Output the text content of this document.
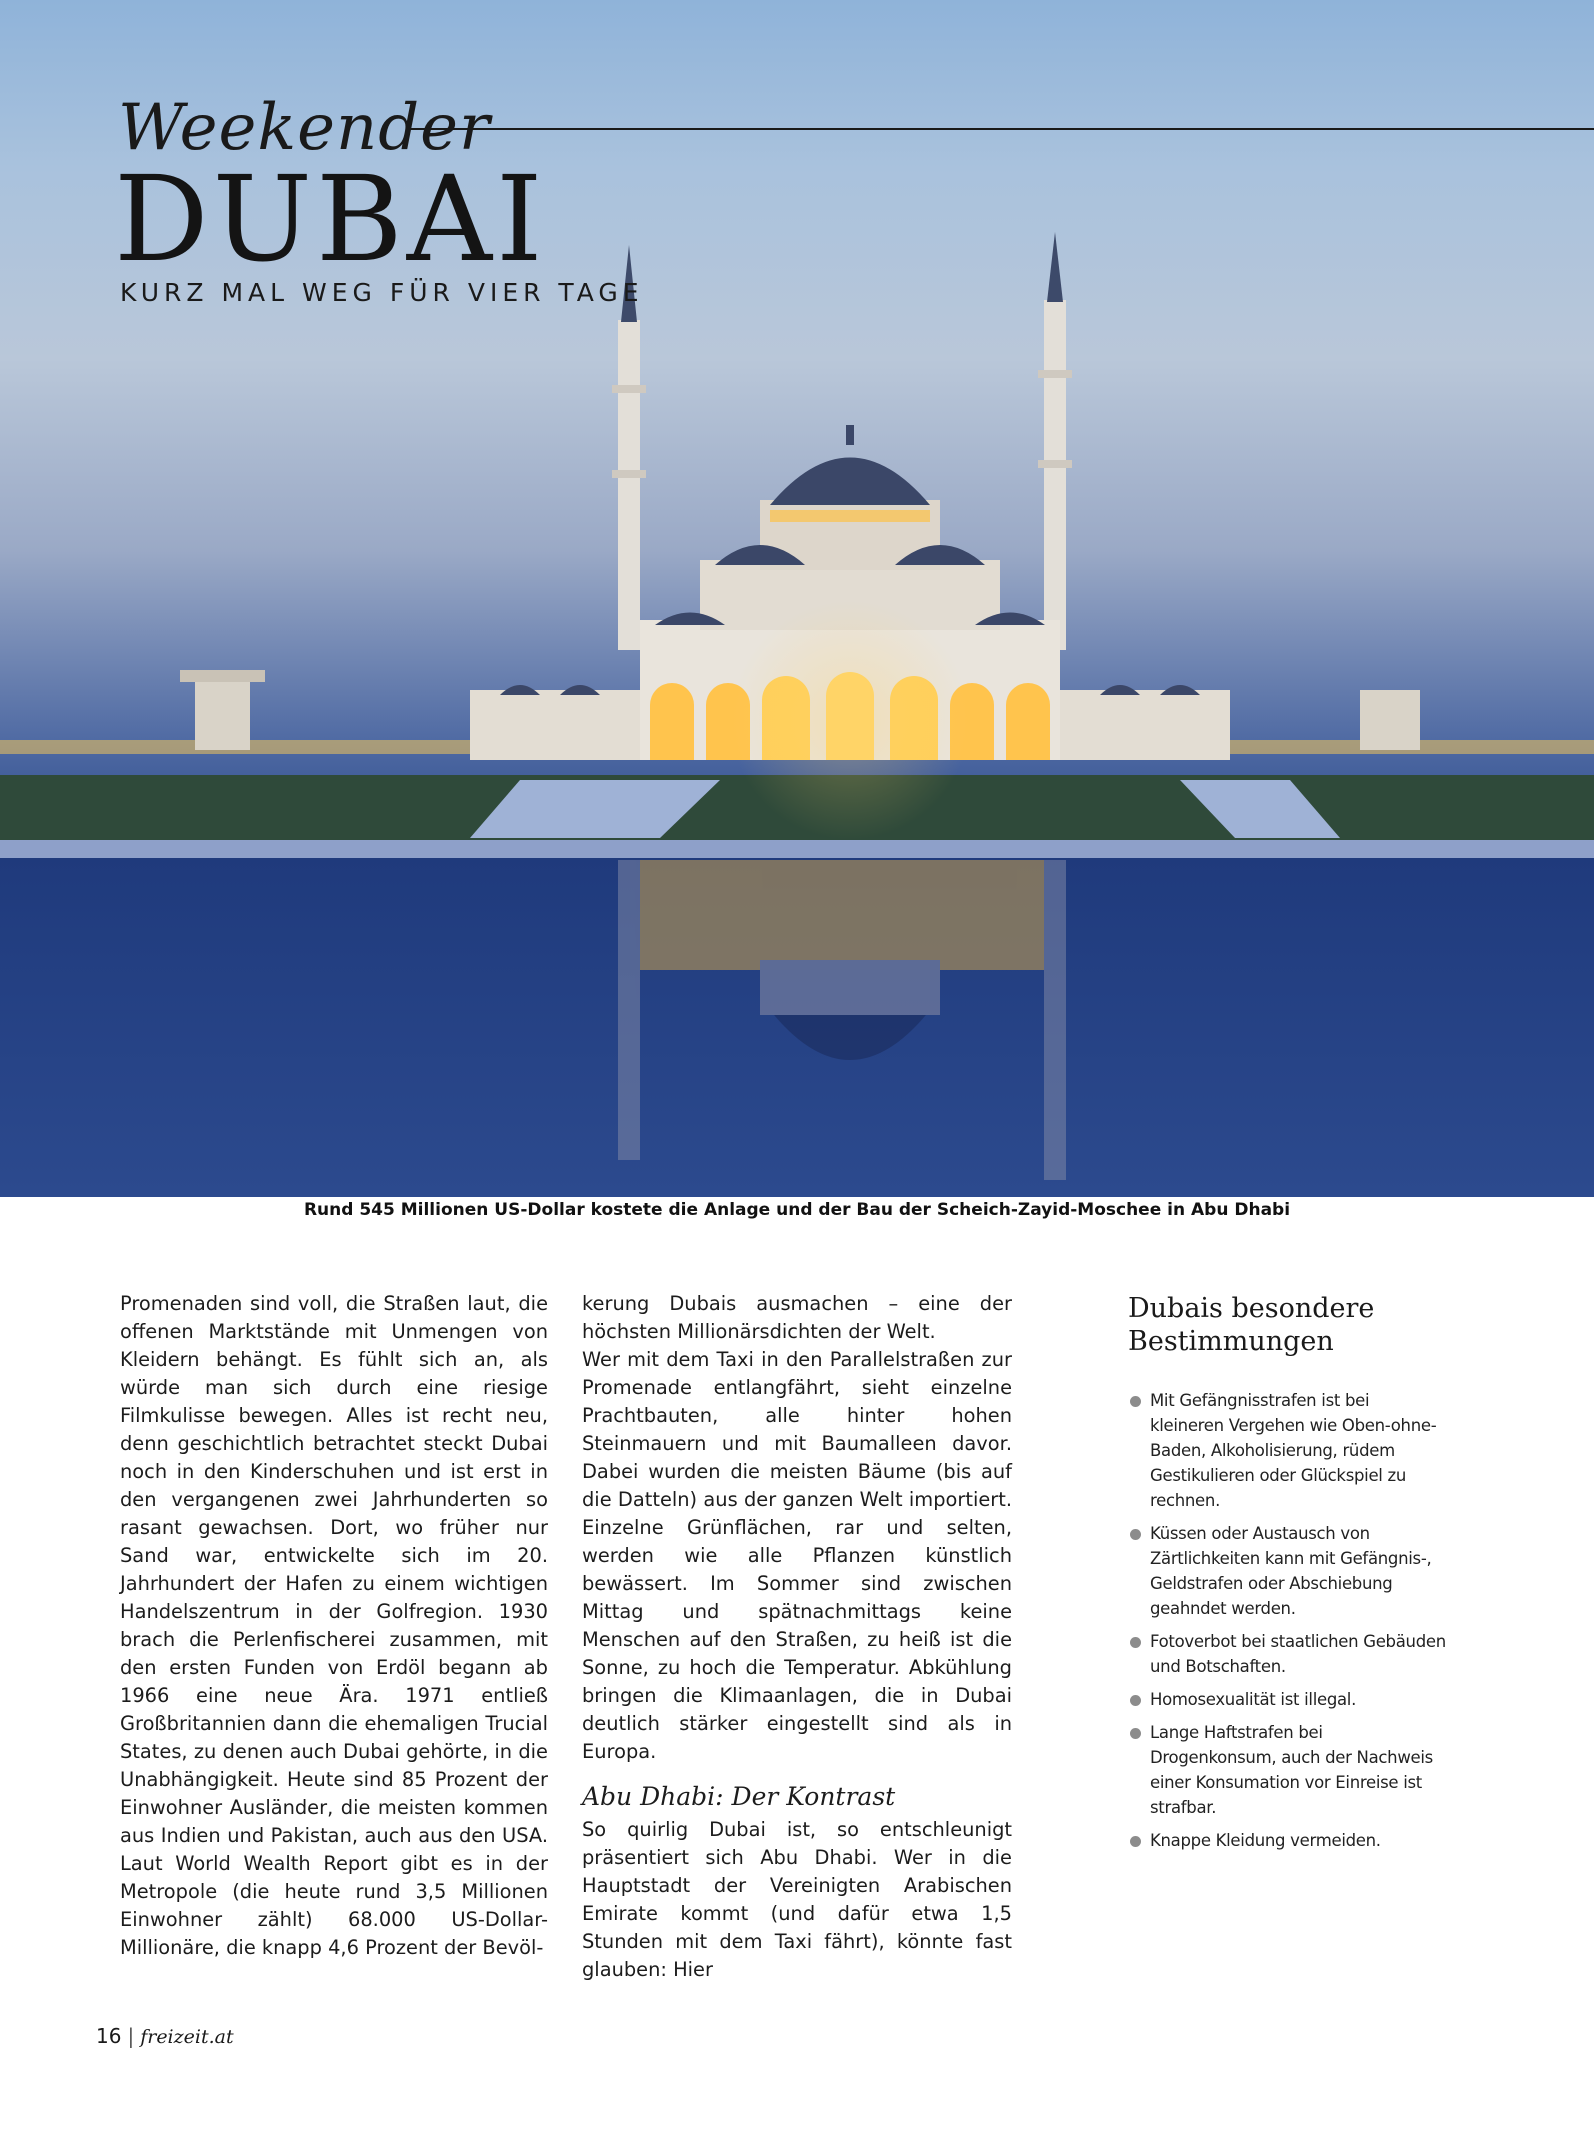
Weekender
DUBAI
KURZ MAL WEG FÜR VIER TAGE
Rund 545 Millionen US-Dollar kostete die Anlage und der Bau der Scheich-Zayid-Moschee in Abu Dhabi

Promenaden sind voll, die Straßen laut, die offenen Marktstände mit Unmengen von Kleidern behängt. Es fühlt sich an, als würde man sich durch eine riesige Filmkulisse bewegen. Alles ist recht neu, denn geschichtlich betrachtet steckt Dubai noch in den Kinderschuhen und ist erst in den vergangenen zwei Jahrhunderten so rasant gewachsen. Dort, wo früher nur Sand war, entwickelte sich im 20. Jahrhundert der Hafen zu einem wichtigen Handelszentrum in der Golfregion. 1930 brach die Perlenfischerei zusammen, mit den ersten Funden von Erdöl begann ab 1966 eine neue Ära. 1971 entließ Großbritannien dann die ehemaligen Trucial States, zu denen auch Dubai gehörte, in die Unabhängigkeit. Heute sind 85 Prozent der Einwohner Ausländer, die meisten kommen aus Indien und Pakistan, auch aus den USA. Laut World Wealth Report gibt es in der Metropole (die heute rund 3,5 Millionen Einwohner zählt) 68.000 US-Dollar-Millionäre, die knapp 4,6 Prozent der Bevöl-

kerung Dubais ausmachen – eine der höchsten Millionärsdichten der Welt.

Wer mit dem Taxi in den Parallelstraßen zur Promenade entlangfährt, sieht einzelne Prachtbauten, alle hinter hohen Steinmauern und mit Baumalleen davor. Dabei wurden die meisten Bäume (bis auf die Datteln) aus der ganzen Welt importiert. Einzelne Grünflächen, rar und selten, werden wie alle Pflanzen künstlich bewässert. Im Sommer sind zwischen Mittag und spätnachmittags keine Menschen auf den Straßen, zu heiß ist die Sonne, zu hoch die Temperatur. Abkühlung bringen die Klimaanlagen, die in Dubai deutlich stärker eingestellt sind als in Europa.

Abu Dhabi: Der Kontrast

So quirlig Dubai ist, so entschleunigt präsentiert sich Abu Dhabi. Wer in die Hauptstadt der Vereinigten Arabischen Emirate kommt (und dafür etwa 1,5 Stunden mit dem Taxi fährt), könnte fast glauben: Hier

Dubais besondere Bestimmungen
Mit Gefängnisstrafen ist bei kleineren Vergehen wie Oben-ohne-Baden, Alkoholisierung, rüdem Gestikulieren oder Glückspiel zu rechnen.
Küssen oder Austausch von Zärtlichkeiten kann mit Gefängnis-, Geldstrafen oder Abschiebung geahndet werden.
Fotoverbot bei staatlichen Gebäuden und Botschaften.
Homosexualität ist illegal.
Lange Haftstrafen bei Drogenkonsum, auch der Nachweis einer Konsumation vor Einreise ist strafbar.
Knappe Kleidung vermeiden.
16 | freizeit.at
